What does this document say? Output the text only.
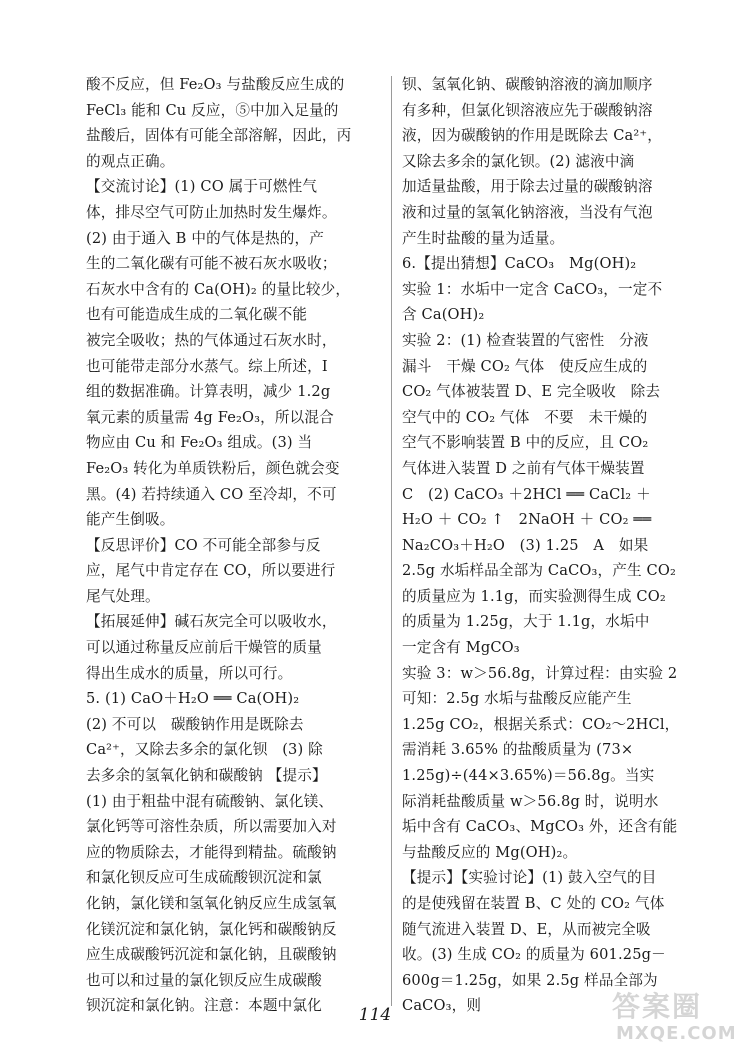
酸不反应，但 Fe₂O₃ 与盐酸反应生成的

FeCl₃ 能和 Cu 反应，⑤中加入足量的

盐酸后，固体有可能全部溶解，因此，丙

的观点正确。

【交流讨论】(1) CO 属于可燃性气

体，排尽空气可防止加热时发生爆炸。

(2) 由于通入 B 中的气体是热的，产

生的二氧化碳有可能不被石灰水吸收；

石灰水中含有的 Ca(OH)₂ 的量比较少，

也有可能造成生成的二氧化碳不能

被完全吸收；热的气体通过石灰水时，

也可能带走部分水蒸气。综上所述，Ⅰ

组的数据准确。计算表明，减少 1.2g

氧元素的质量需 4g Fe₂O₃，所以混合

物应由 Cu 和 Fe₂O₃ 组成。(3) 当

Fe₂O₃ 转化为单质铁粉后，颜色就会变

黑。(4) 若持续通入 CO 至冷却，不可

能产生倒吸。

【反思评价】CO 不可能全部参与反

应，尾气中肯定存在 CO，所以要进行

尾气处理。

【拓展延伸】碱石灰完全可以吸收水，

可以通过称量反应前后干燥管的质量

得出生成水的质量，所以可行。

5. (1) CaO＋H₂O ══ Ca(OH)₂

(2) 不可以　碳酸钠作用是既除去

Ca²⁺，又除去多余的氯化钡　(3) 除

去多余的氢氧化钠和碳酸钠 【提示】

(1) 由于粗盐中混有硫酸钠、氯化镁、

氯化钙等可溶性杂质，所以需要加入对

应的物质除去，才能得到精盐。硫酸钠

和氯化钡反应可生成硫酸钡沉淀和氯

化钠，氯化镁和氢氧化钠反应生成氢氧

化镁沉淀和氯化钠，氯化钙和碳酸钠反

应生成碳酸钙沉淀和氯化钠，且碳酸钠

也可以和过量的氯化钡反应生成碳酸

钡沉淀和氯化钠。注意：本题中氯化

钡、氢氧化钠、碳酸钠溶液的滴加顺序

有多种，但氯化钡溶液应先于碳酸钠溶

液，因为碳酸钠的作用是既除去 Ca²⁺，

又除去多余的氯化钡。(2) 滤液中滴

加适量盐酸，用于除去过量的碳酸钠溶

液和过量的氢氧化钠溶液，当没有气泡

产生时盐酸的量为适量。

6.【提出猜想】CaCO₃　Mg(OH)₂

实验 1：水垢中一定含 CaCO₃，一定不

含 Ca(OH)₂

实验 2：(1) 检查装置的气密性　分液

漏斗　干燥 CO₂ 气体　使反应生成的

CO₂ 气体被装置 D、E 完全吸收　除去

空气中的 CO₂ 气体　不要　未干燥的

空气不影响装置 B 中的反应，且 CO₂

气体进入装置 D 之前有气体干燥装置

C　(2) CaCO₃ ＋2HCl ══ CaCl₂ ＋

H₂O ＋ CO₂ ↑　2NaOH ＋ CO₂ ══

Na₂CO₃＋H₂O　(3) 1.25　A　如果

2.5g 水垢样品全部为 CaCO₃，产生 CO₂

的质量应为 1.1g，而实验测得生成 CO₂

的质量为 1.25g，大于 1.1g，水垢中

一定含有 MgCO₃

实验 3：w＞56.8g，计算过程：由实验 2

可知：2.5g 水垢与盐酸反应能产生

1.25g CO₂，根据关系式：CO₂～2HCl，

需消耗 3.65% 的盐酸质量为 (73×

1.25g)÷(44×3.65%)＝56.8g。当实

际消耗盐酸质量 w＞56.8g 时，说明水

垢中含有 CaCO₃、MgCO₃ 外，还含有能

与盐酸反应的 Mg(OH)₂。

【提示】【实验讨论】(1) 鼓入空气的目

的是使残留在装置 B、C 处的 CO₂ 气体

随气流进入装置 D、E，从而被完全吸

收。(3) 生成 CO₂ 的质量为 601.25g－

600g＝1.25g，如果 2.5g 样品全部为

CaCO₃，则

114	答案圈
MXQE.COM
